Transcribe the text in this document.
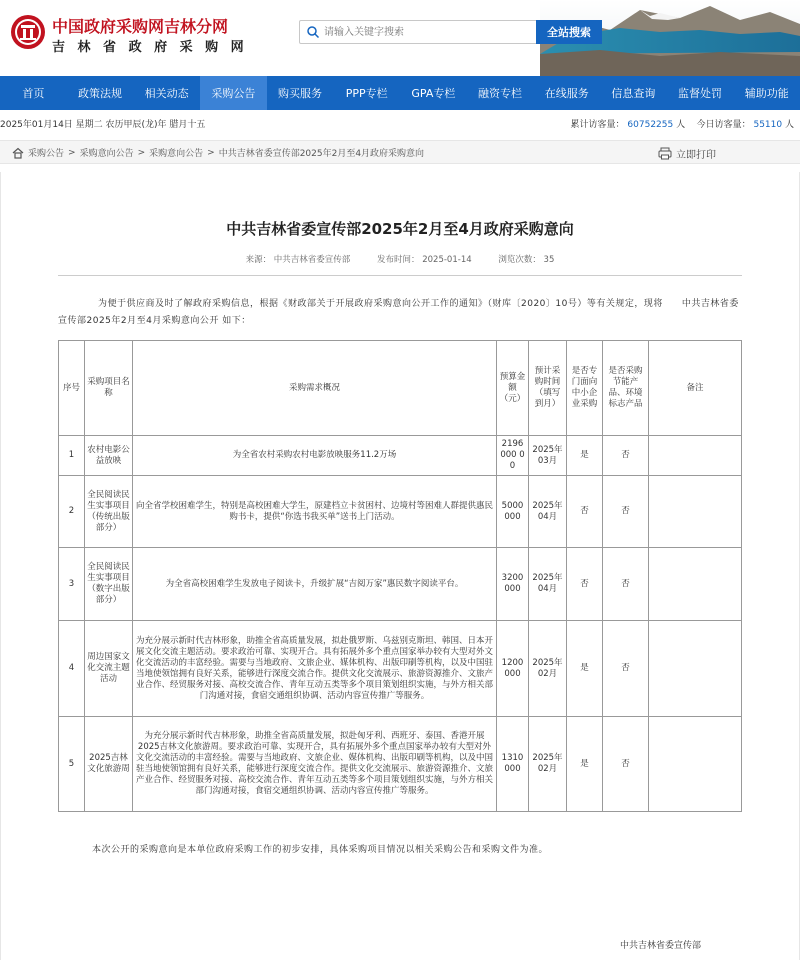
中国政府采购网吉林分网
吉 林 省 政 府 采 购 网
请输入关键字搜索
全站搜索
首页	政策法规	相关动态	采购公告	购买服务	PPP专栏	GPA专栏	融资专栏	在线服务	信息查询	监督处罚	辅助功能
2025年01月14日 星期二 农历甲辰(龙)年 腊月十五	累计访客量： 60752255 人 今日访客量： 55110 人
采购公告 > 采购意向公告 > 采购意向公告 > 中共吉林省委宣传部2025年2月至4月政府采购意向	立即打印
中共吉林省委宣传部2025年2月至4月政府采购意向
来源： 中共吉林省委宣传部	发布时间： 2025-01-14	浏览次数： 35
为便于供应商及时了解政府采购信息，根据《财政部关于开展政府采购意向公开工作的通知》（财库〔2020〕10号）等有关规定，现将　　中共吉林省委宣传部2025年2月至4月采购意向公开 如下：
序号	采购项目名称	采购需求概况	预算金额（元）	预计采购时间（填写到月）	是否专门面向中小企业采购	是否采购节能产品、环境标志产品	备注
1	农村电影公益放映	为全省农村采购农村电影放映服务11.2万场	2196000 00	2025年03月	是	否	
2	全民阅读民生实事项目（传统出版部分）	向全省学校困难学生，特别是高校困难大学生，原建档立卡贫困村、边境村等困难人群提供惠民购书卡，提供“你选书我买单”送书上门活动。	5000000	2025年04月	否	否	
3	全民阅读民生实事项目（数字出版部分）	为全省高校困难学生发放电子阅读卡，升级扩展“吉阅万家”惠民数字阅读平台。	3200000	2025年04月	否	否	
4	周边国家文化交流主题活动	为充分展示新时代吉林形象，助推全省高质量发展，拟赴俄罗斯、乌兹别克斯坦、韩国、日本开展文化交流主题活动。要求政治可靠、实现开合。具有拓展外多个重点国家举办较有大型对外文化交流活动的丰富经验。需要与当地政府、文旅企业、媒体机构、出版印刷等机构，以及中国驻当地使领馆拥有良好关系，能够进行深度交流合作。提供文化交流展示、旅游资源推介、文旅产业合作、经贸服务对接、高校交流合作、青年互动五类等多个项目策划组织实施，与外方相关部门沟通对接，食宿交通组织协调、活动内容宣传推广等服务。	1200000	2025年02月	是	否	
5	2025吉林文化旅游周	为充分展示新时代吉林形象，助推全省高质量发展，拟赴匈牙利、西班牙、泰国、香港开展2025吉林文化旅游周。要求政治可靠、实现开合，具有拓展外多个重点国家举办较有大型对外文化交流活动的丰富经验。需要与当地政府、文旅企业、媒体机构、出版印刷等机构，以及中国驻当地使领馆拥有良好关系，能够进行深度交流合作。提供文化交流展示、旅游资源推介、文旅产业合作、经贸服务对接、高校交流合作、青年互动五类等多个项目策划组织实施，与外方相关部门沟通对接，食宿交通组织协调、活动内容宣传推广等服务。	1310000	2025年02月	是	否	
本次公开的采购意向是本单位政府采购工作的初步安排，具体采购项目情况以相关采购公告和采购文件为准。
中共吉林省委宣传部
